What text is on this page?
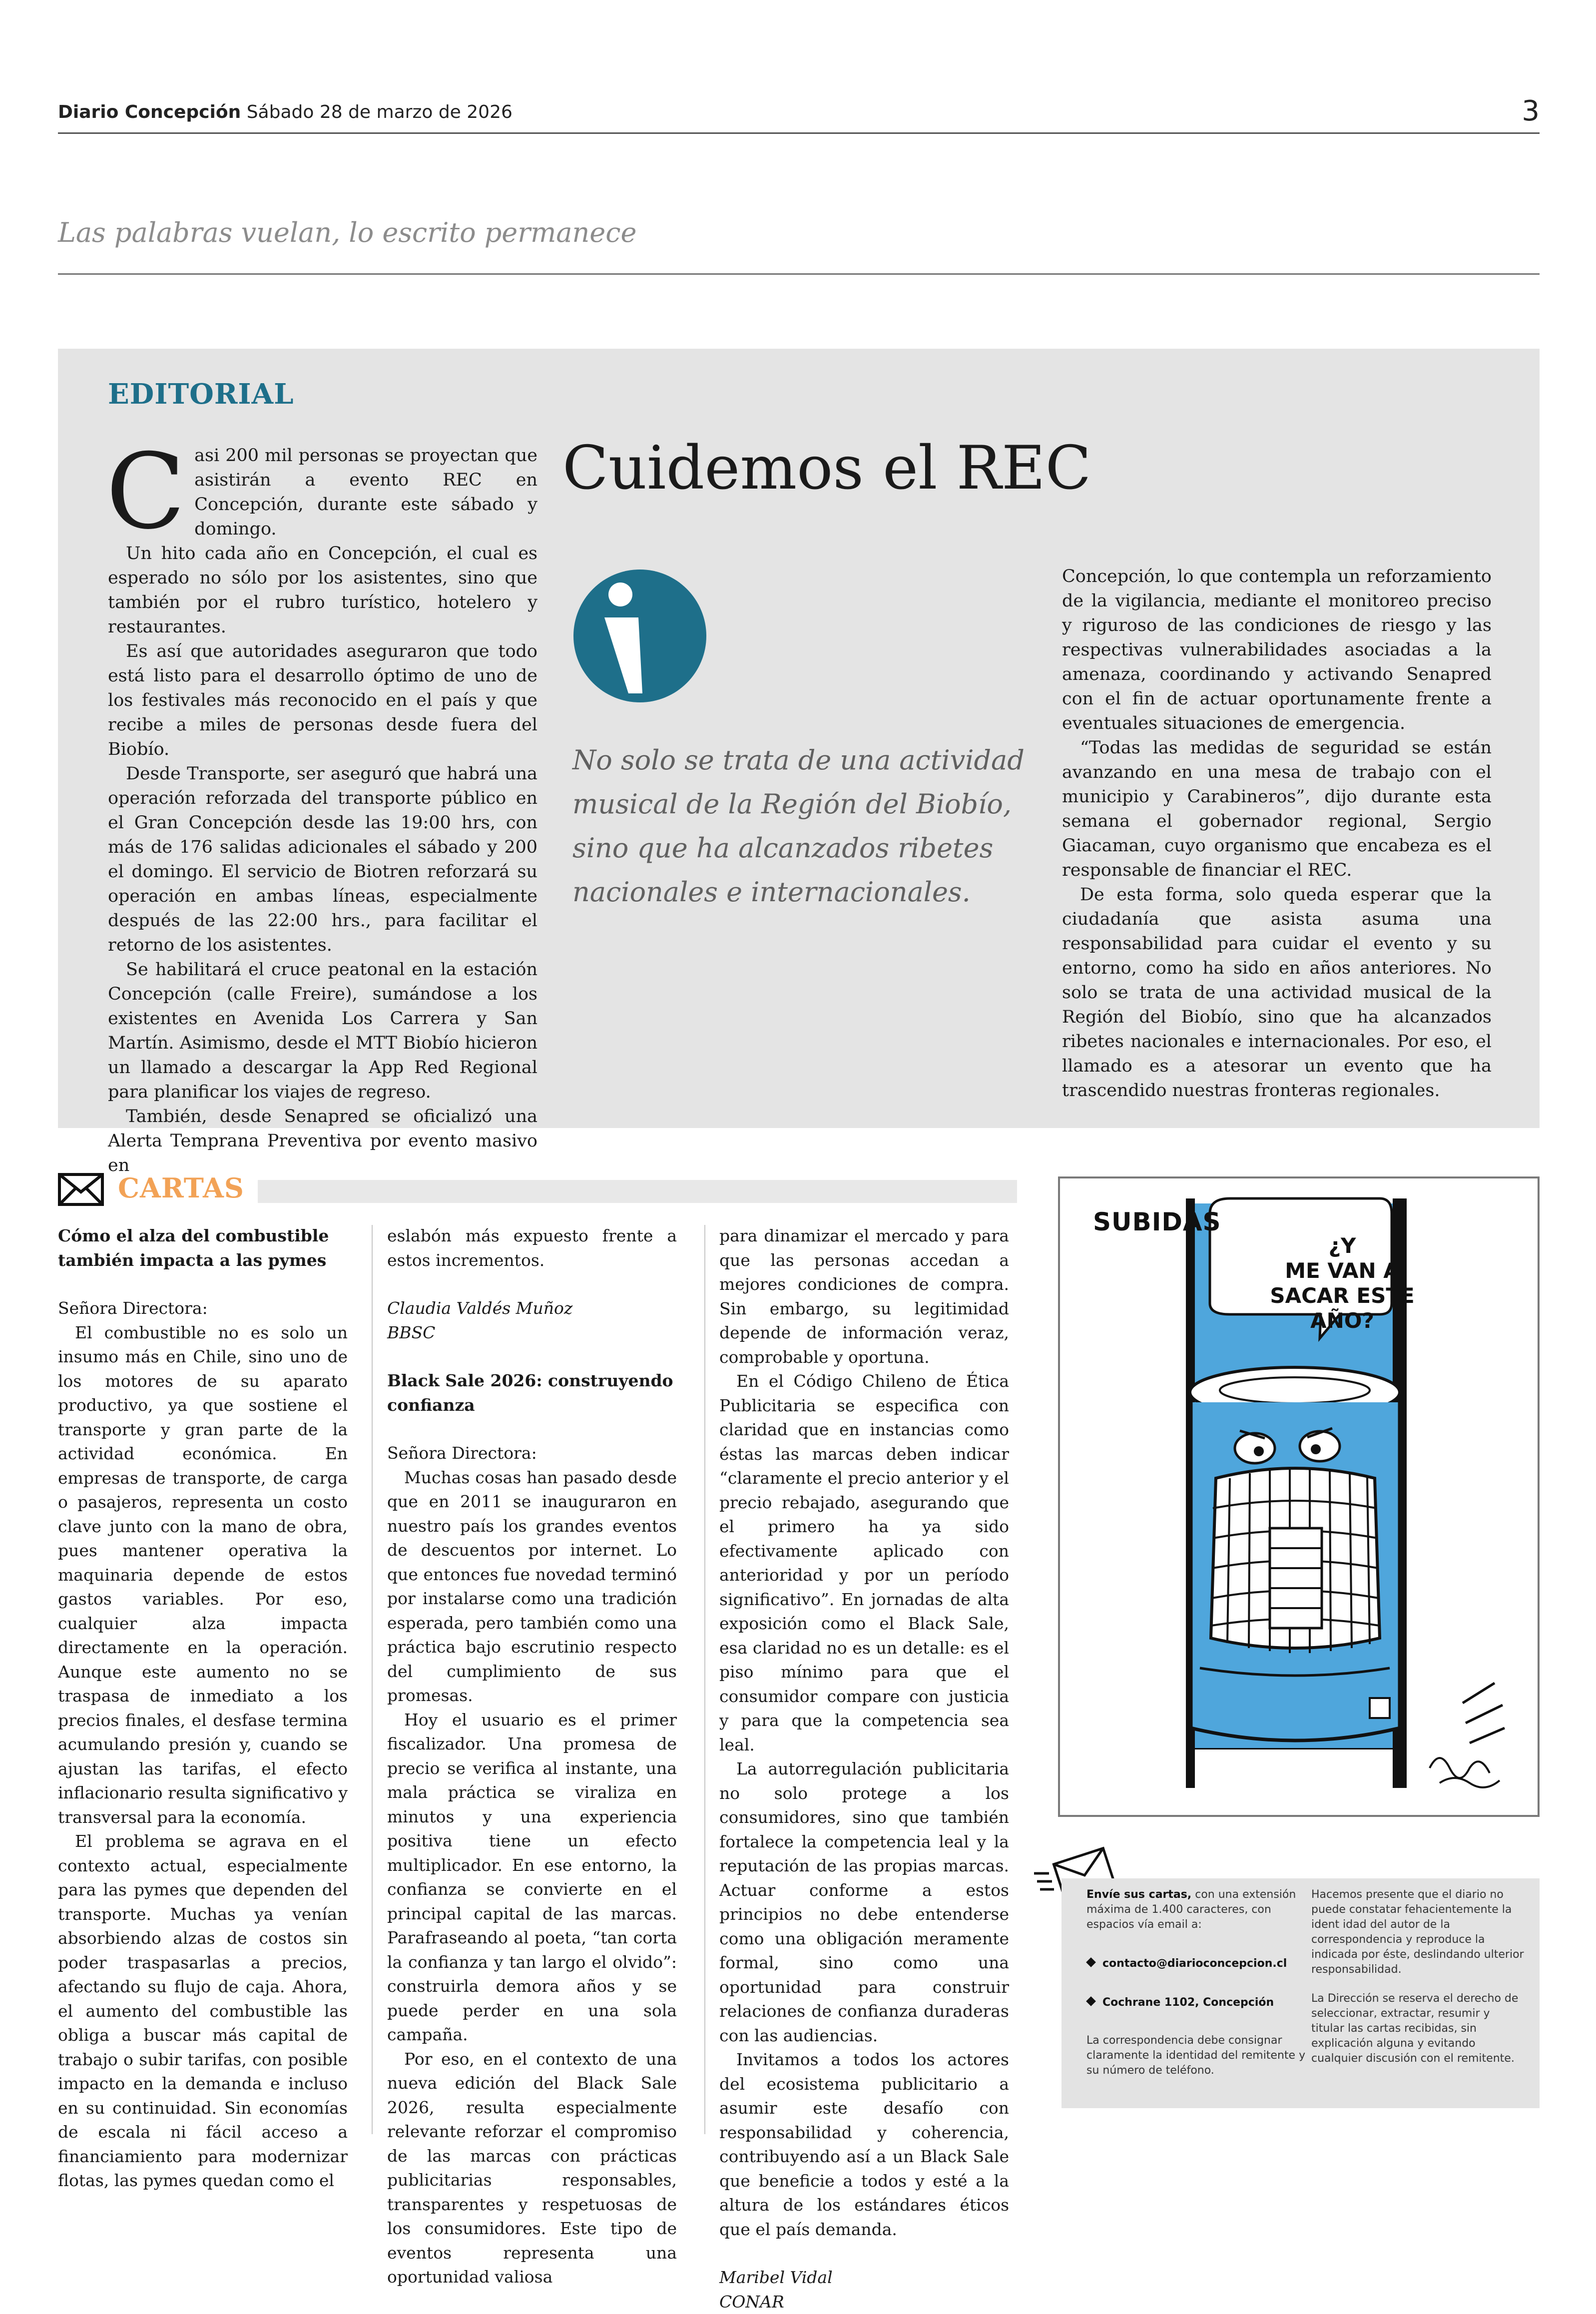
Diario Concepción Sábado 28 de marzo de 2026	3
Las palabras vuelan, lo escrito permanece
EDITORIAL

Casi 200 mil personas se proyectan que asistirán a evento REC en Concepción, durante este sábado y domingo.

Un hito cada año en Concepción, el cual es esperado no sólo por los asistentes, sino que también por el rubro turístico, hotelero y restaurantes.

Es así que autoridades aseguraron que todo está listo para el desarrollo óptimo de uno de los festivales más reconocido en el país y que recibe a miles de personas desde fuera del Biobío.

Desde Transporte, ser aseguró que habrá una operación reforzada del transporte público en el Gran Concepción desde las 19:00 hrs, con más de 176 salidas adicionales el sábado y 200 el domingo. El servicio de Biotren reforzará su operación en ambas líneas, especialmente después de las 22:00 hrs., para facilitar el retorno de los asistentes.

Se habilitará el cruce peatonal en la estación Concepción (calle Freire), sumándose a los existentes en Avenida Los Carrera y San Martín. Asimismo, desde el MTT Biobío hicieron un llamado a descargar la App Red Regional para planificar los viajes de regreso.

También, desde Senapred se oficializó una Alerta Temprana Preventiva por evento masivo en

Cuidemos el REC
No solo se trata de una actividad musical de la Región del Biobío, sino que ha alcanzados ribetes nacionales e internacionales.

Concepción, lo que contempla un reforzamiento de la vigilancia, mediante el monitoreo preciso y riguroso de las condiciones de riesgo y las respectivas vulnerabilidades asociadas a la amenaza, coordinando y activando Senapred con el fin de actuar oportunamente frente a eventuales situaciones de emergencia.

“Todas las medidas de seguridad se están avanzando en una mesa de trabajo con el municipio y Carabineros”, dijo durante esta semana el gobernador regional, Sergio Giacaman, cuyo organismo que encabeza es el responsable de financiar el REC.

De esta forma, solo queda esperar que la ciudadanía que asista asuma una responsabilidad para cuidar el evento y su entorno, como ha sido en años anteriores. No solo se trata de una actividad musical de la Región del Biobío, sino que ha alcanzados ribetes nacionales e internacionales. Por eso, el llamado es a atesorar un evento que ha trascendido nuestras fronteras regionales.

CARTAS
Cómo el alza del combustible también impacta a las pymes

Señora Directora:

El combustible no es solo un insumo más en Chile, sino uno de los motores de su aparato productivo, ya que sostiene el transporte y gran parte de la actividad económica. En empresas de transporte, de carga o pasajeros, representa un costo clave junto con la mano de obra, pues mantener operativa la maquinaria depende de estos gastos variables. Por eso, cualquier alza impacta directamente en la operación. Aunque este aumento no se traspasa de inmediato a los precios finales, el desfase termina acumulando presión y, cuando se ajustan las tarifas, el efecto inflacionario resulta significativo y transversal para la economía.

El problema se agrava en el contexto actual, especialmente para las pymes que dependen del transporte. Muchas ya venían absorbiendo alzas de costos sin poder traspasarlas a precios, afectando su flujo de caja. Ahora, el aumento del combustible las obliga a buscar más capital de trabajo o subir tarifas, con posible impacto en la demanda e incluso en su continuidad. Sin economías de escala ni fácil acceso a financiamiento para modernizar flotas, las pymes quedan como el

eslabón más expuesto frente a estos incrementos.

Claudia Valdés Muñoz

BBSC

Black Sale 2026: construyendo confianza

Señora Directora:

Muchas cosas han pasado desde que en 2011 se inauguraron en nuestro país los grandes eventos de descuentos por internet. Lo que entonces fue novedad terminó por instalarse como una tradición esperada, pero también como una práctica bajo escrutinio respecto del cumplimiento de sus promesas.

Hoy el usuario es el primer fiscalizador. Una promesa de precio se verifica al instante, una mala práctica se viraliza en minutos y una experiencia positiva tiene un efecto multiplicador. En ese entorno, la confianza se convierte en el principal capital de las marcas. Parafraseando al poeta, “tan corta la confianza y tan largo el olvido”: construirla demora años y se puede perder en una sola campaña.

Por eso, en el contexto de una nueva edición del Black Sale 2026, resulta especialmente relevante reforzar el compromiso de las marcas con prácticas publicitarias responsables, transparentes y respetuosas de los consumidores. Este tipo de eventos representa una oportunidad valiosa

para dinamizar el mercado y para que las personas accedan a mejores condiciones de compra. Sin embargo, su legitimidad depende de información veraz, comprobable y oportuna.

En el Código Chileno de Ética Publicitaria se especifica con claridad que en instancias como éstas las marcas deben indicar “claramente el precio anterior y el precio rebajado, asegurando que el primero ha ya sido efectivamente aplicado con anterioridad y por un período significativo”. En jornadas de alta exposición como el Black Sale, esa claridad no es un detalle: es el piso mínimo para que el consumidor compare con justicia y para que la competencia sea leal.

La autorregulación publicitaria no solo protege a los consumidores, sino que también fortalece la competencia leal y la reputación de las propias marcas. Actuar conforme a estos principios no debe entenderse como una obligación meramente formal, sino como una oportunidad para construir relaciones de confianza duraderas con las audiencias.

Invitamos a todos los actores del ecosistema publicitario a asumir este desafío con responsabilidad y coherencia, contribuyendo así a un Black Sale que beneficie a todos y esté a la altura de los estándares éticos que el país demanda.

Maribel Vidal

CONAR

SUBIDAS
¿Y
ME VAN A
SACAR ESTE
AÑO?
Envíe sus cartas, con una extensión máxima de 1.400 caracteres, con espacios vía email a:
contacto@diarioconcepcion.cl
Cochrane 1102, Concepción
La correspondencia debe consignar claramente la identidad del remitente y su número de teléfono.
Hacemos presente que el diario no puede constatar fehacientemente la ident idad del autor de la correspondencia y reproduce la indicada por éste, deslindando ulterior responsabilidad.
La Dirección se reserva el derecho de seleccionar, extractar, resumir y titular las cartas recibidas, sin explicación alguna y evitando cualquier discusión con el remitente.
